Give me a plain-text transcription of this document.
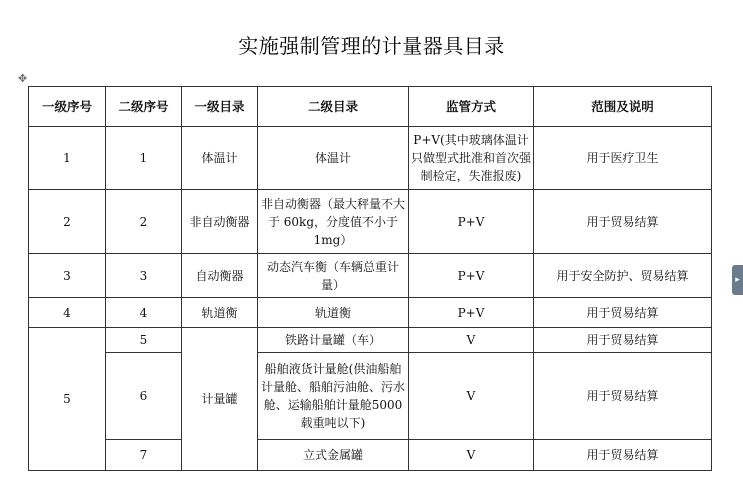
实施强制管理的计量器具目录
✥
▸
一级序号	二级序号	一级目录	二级目录	监管方式	范围及说明
1	1	体温计	体温计	P+V(其中玻璃体温计只做型式批准和首次强制检定，失准报废)	用于医疗卫生
2	2	非自动衡器	非自动衡器（最大秤量不大于 60kg，分度值不小于 1mg）	P+V	用于贸易结算
3	3	自动衡器	动态汽车衡（车辆总重计量）	P+V	用于安全防护、贸易结算
4	4	轨道衡	轨道衡	P+V	用于贸易结算
5	5	计量罐	铁路计量罐（车）	V	用于贸易结算
	6		船舶液货计量舱(供油船舶计量舱、船舶污油舱、污水舱、运输船舶计量舱5000 载重吨以下)	V	用于贸易结算
	7		立式金属罐	V	用于贸易结算
